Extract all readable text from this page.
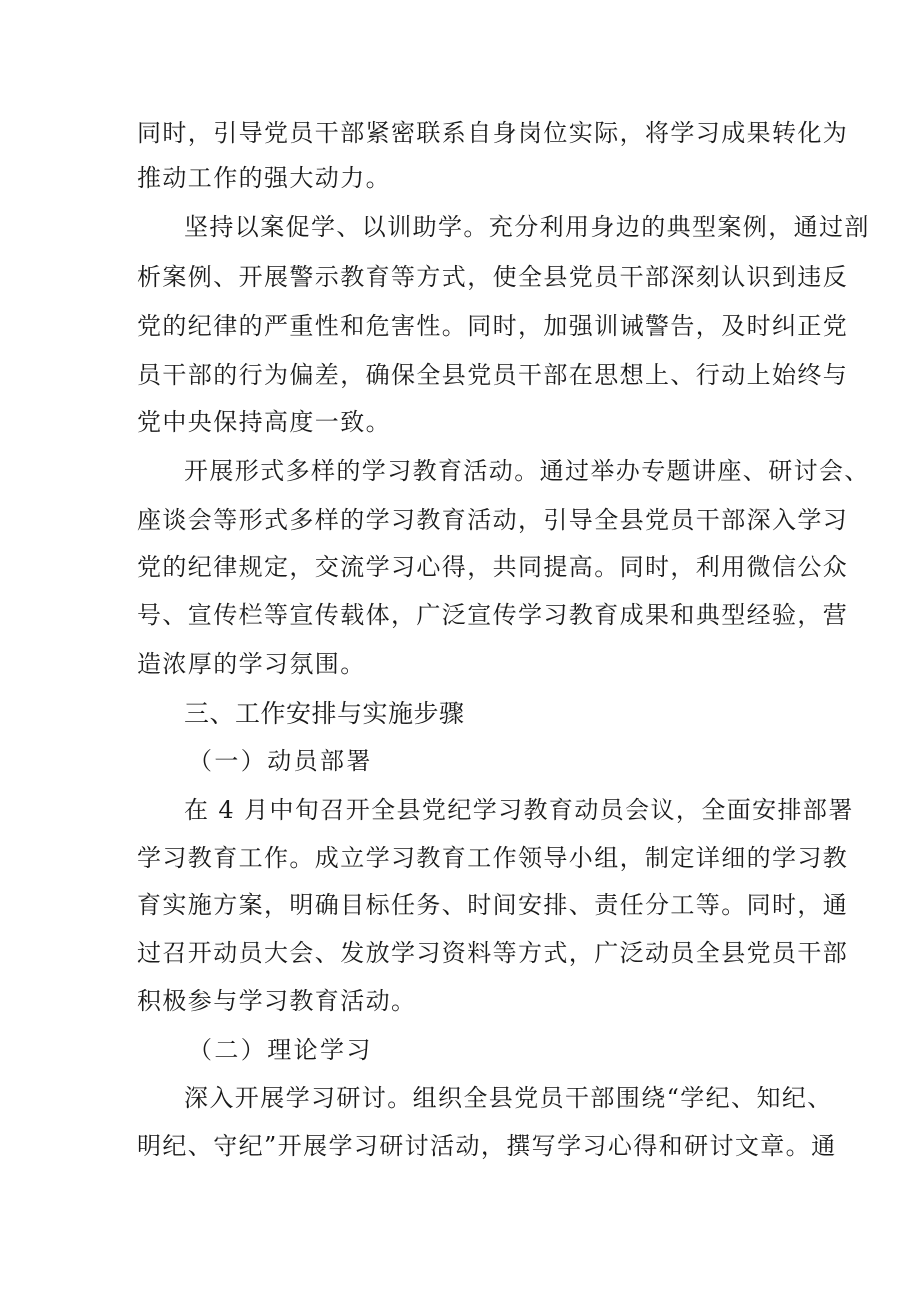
同时，引导党员干部紧密联系自身岗位实际，将学习成果转化为
推动工作的强大动力。
坚持以案促学、以训助学。充分利用身边的典型案例，通过剖
析案例、开展警示教育等方式，使全县党员干部深刻认识到违反
党的纪律的严重性和危害性。同时，加强训诫警告，及时纠正党
员干部的行为偏差，确保全县党员干部在思想上、行动上始终与
党中央保持高度一致。
开展形式多样的学习教育活动。通过举办专题讲座、研讨会、
座谈会等形式多样的学习教育活动，引导全县党员干部深入学习
党的纪律规定，交流学习心得，共同提高。同时，利用微信公众
号、宣传栏等宣传载体，广泛宣传学习教育成果和典型经验，营
造浓厚的学习氛围。
三、工作安排与实施步骤
（一）动员部署
在 4 月中旬召开全县党纪学习教育动员会议，全面安排部署
学习教育工作。成立学习教育工作领导小组，制定详细的学习教
育实施方案，明确目标任务、时间安排、责任分工等。同时，通
过召开动员大会、发放学习资料等方式，广泛动员全县党员干部
积极参与学习教育活动。
（二）理论学习
深入开展学习研讨。组织全县党员干部围绕“学纪、知纪、
明纪、守纪”开展学习研讨活动，撰写学习心得和研讨文章。通
